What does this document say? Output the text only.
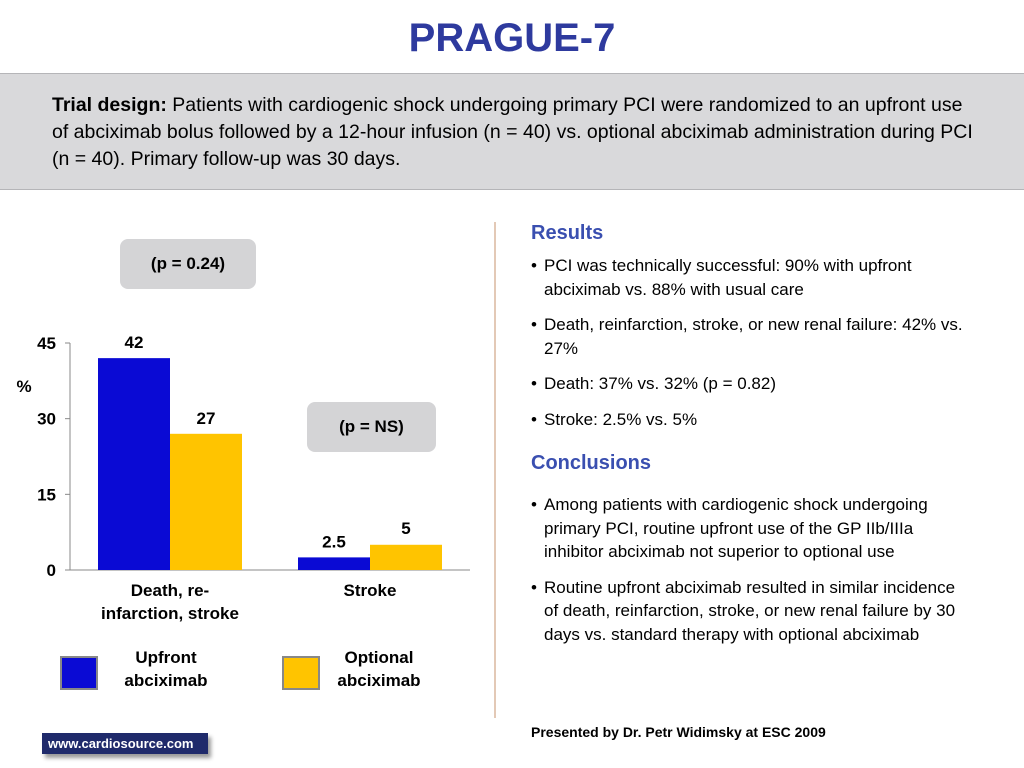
PRAGUE-7
Trial design: Patients with cardiogenic shock undergoing primary PCI were randomized to an upfront use of abciximab bolus followed by a 12-hour infusion (n = 40) vs. optional abciximab administration during PCI (n = 40). Primary follow-up was 30 days.
(p = 0.24)
(p = NS)
0
15
30
45
%
42
27
Death, re-
infarction, stroke
2.5
5
Stroke
Upfront
abciximab
Optional
abciximab
Results
• PCI was technically successful: 90% with upfront abciximab vs. 88% with usual care
• Death, reinfarction, stroke, or new renal failure: 42% vs. 27%
• Death: 37% vs. 32% (p = 0.82)
• Stroke: 2.5% vs. 5%
Conclusions
• Among patients with cardiogenic shock undergoing primary PCI, routine upfront use of the GP IIb/IIIa inhibitor abciximab not superior to optional use
• Routine upfront abciximab resulted in similar incidence of death, reinfarction, stroke, or new renal failure by 30 days vs. standard therapy with optional abciximab
Presented by Dr. Petr Widimsky at ESC 2009
www.cardiosource.com
